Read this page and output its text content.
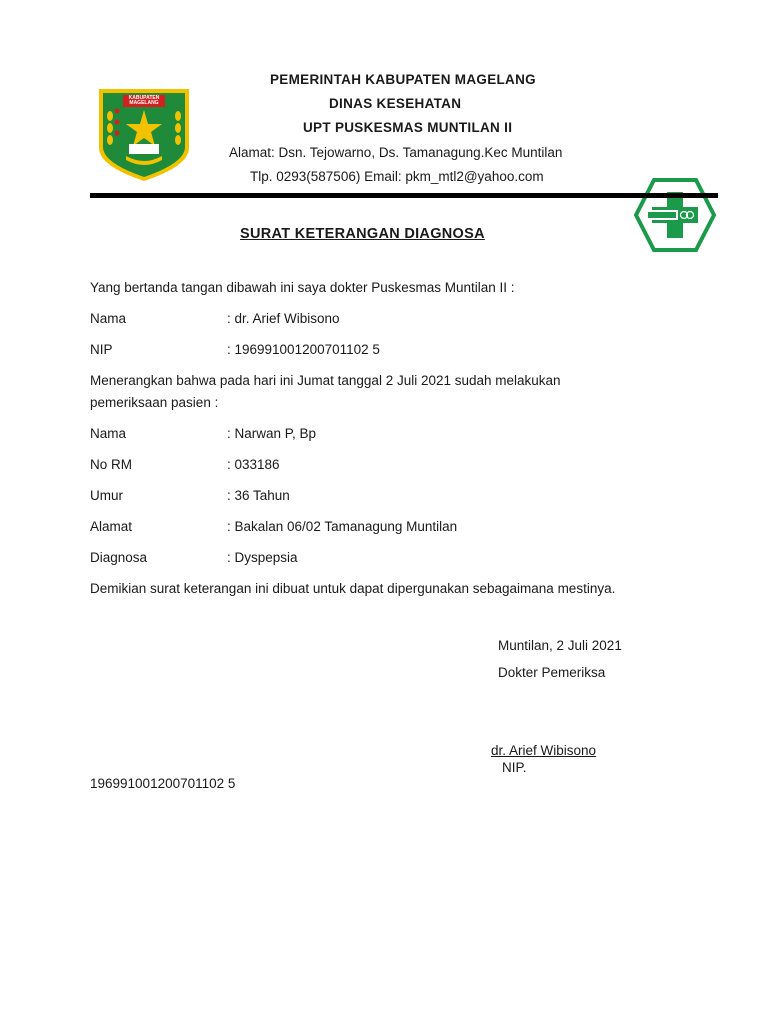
KABUPATEN MAGELANG
PEMERINTAH KABUPATEN MAGELANG
DINAS KESEHATAN
UPT PUSKESMAS MUNTILAN II
Alamat: Dsn. Tejowarno, Ds. Tamanagung.Kec Muntilan
Tlp. 0293(587506) Email: pkm_mtl2@yahoo.com
SURAT KETERANGAN DIAGNOSA
Yang bertanda tangan dibawah ini saya dokter Puskesmas Muntilan II :
Nama	: dr. Arief Wibisono
NIP	: 196991001200701102 5
Menerangkan bahwa pada hari ini Jumat tanggal 2 Juli 2021 sudah melakukan
pemeriksaan pasien :
Nama	: Narwan P, Bp
No RM	: 033186
Umur	: 36 Tahun
Alamat	: Bakalan 06/02 Tamanagung Muntilan
Diagnosa	: Dyspepsia
Demikian surat keterangan ini dibuat untuk dapat dipergunakan sebagaimana mestinya.
Muntilan, 2 Juli 2021
Dokter Pemeriksa
dr. Arief Wibisono
NIP.
196991001200701102 5
